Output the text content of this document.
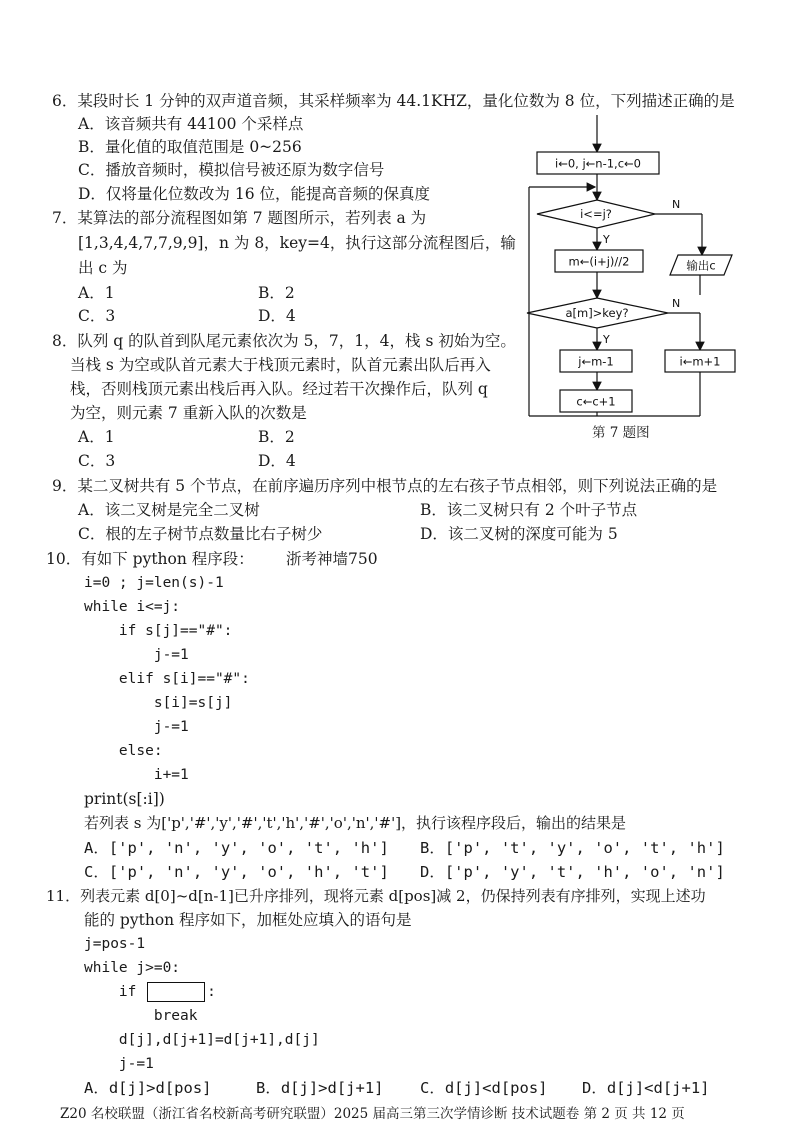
6．某段时长 1 分钟的双声道音频，其采样频率为 44.1KHZ，量化位数为 8 位，下列描述正确的是
A．该音频共有 44100 个采样点
B．量化值的取值范围是 0~256
C．播放音频时，模拟信号被还原为数字信号
D．仅将量化位数改为 16 位，能提高音频的保真度
7．某算法的部分流程图如第 7 题图所示，若列表 a 为
[1,3,4,4,7,7,9,9]，n 为 8，key=4，执行这部分流程图后，输
出 c 为
A．1	B．2
C．3	D．4
8．队列 q 的队首到队尾元素依次为 5，7，1，4，栈 s 初始为空。
当栈 s 为空或队首元素大于栈顶元素时，队首元素出队后再入
栈，否则栈顶元素出栈后再入队。经过若干次操作后，队列 q
为空，则元素 7 重新入队的次数是
A．1	B．2
C．3	D．4
i←0, j←n-1,c←0
i<=j?
m←(i+j)//2
a[m]>key?
j←m-1
c←c+1
i←m+1
输出c
Y
Y
N
N
第 7 题图
9．某二叉树共有 5 个节点，在前序遍历序列中根节点的左右孩子节点相邻，则下列说法正确的是
A．该二叉树是完全二叉树	B．该二叉树只有 2 个叶子节点
C．根的左子树节点数量比右子树少	D．该二叉树的深度可能为 5
10．有如下 python 程序段： 浙考神墙750
i=0 ; j=len(s)-1
while i<=j:
if s[j]=="#":
j-=1
elif s[i]=="#":
s[i]=s[j]
j-=1
else:
i+=1
print(s[:i])
若列表 s 为['p','#','y','#','t','h','#','o','n','#']，执行该程序段后，输出的结果是
A．['p', 'n', 'y', 'o', 't', 'h'] B．['p', 't', 'y', 'o', 't', 'h']
C．['p', 'n', 'y', 'o', 'h', 't'] D．['p', 'y', 't', 'h', 'o', 'n']
11．列表元素 d[0]~d[n-1]已升序排列，现将元素 d[pos]减 2，仍保持列表有序排列，实现上述功
能的 python 程序如下，加框处应填入的语句是
j=pos-1
while j>=0:
if	:
break
d[j],d[j+1]=d[j+1],d[j]
j-=1
A．d[j]>d[pos]	B．d[j]>d[j+1] C．d[j]<d[pos] D．d[j]<d[j+1]
Z20 名校联盟（浙江省名校新高考研究联盟）2025 届高三第三次学情诊断 技术试题卷 第 2 页 共 12 页
